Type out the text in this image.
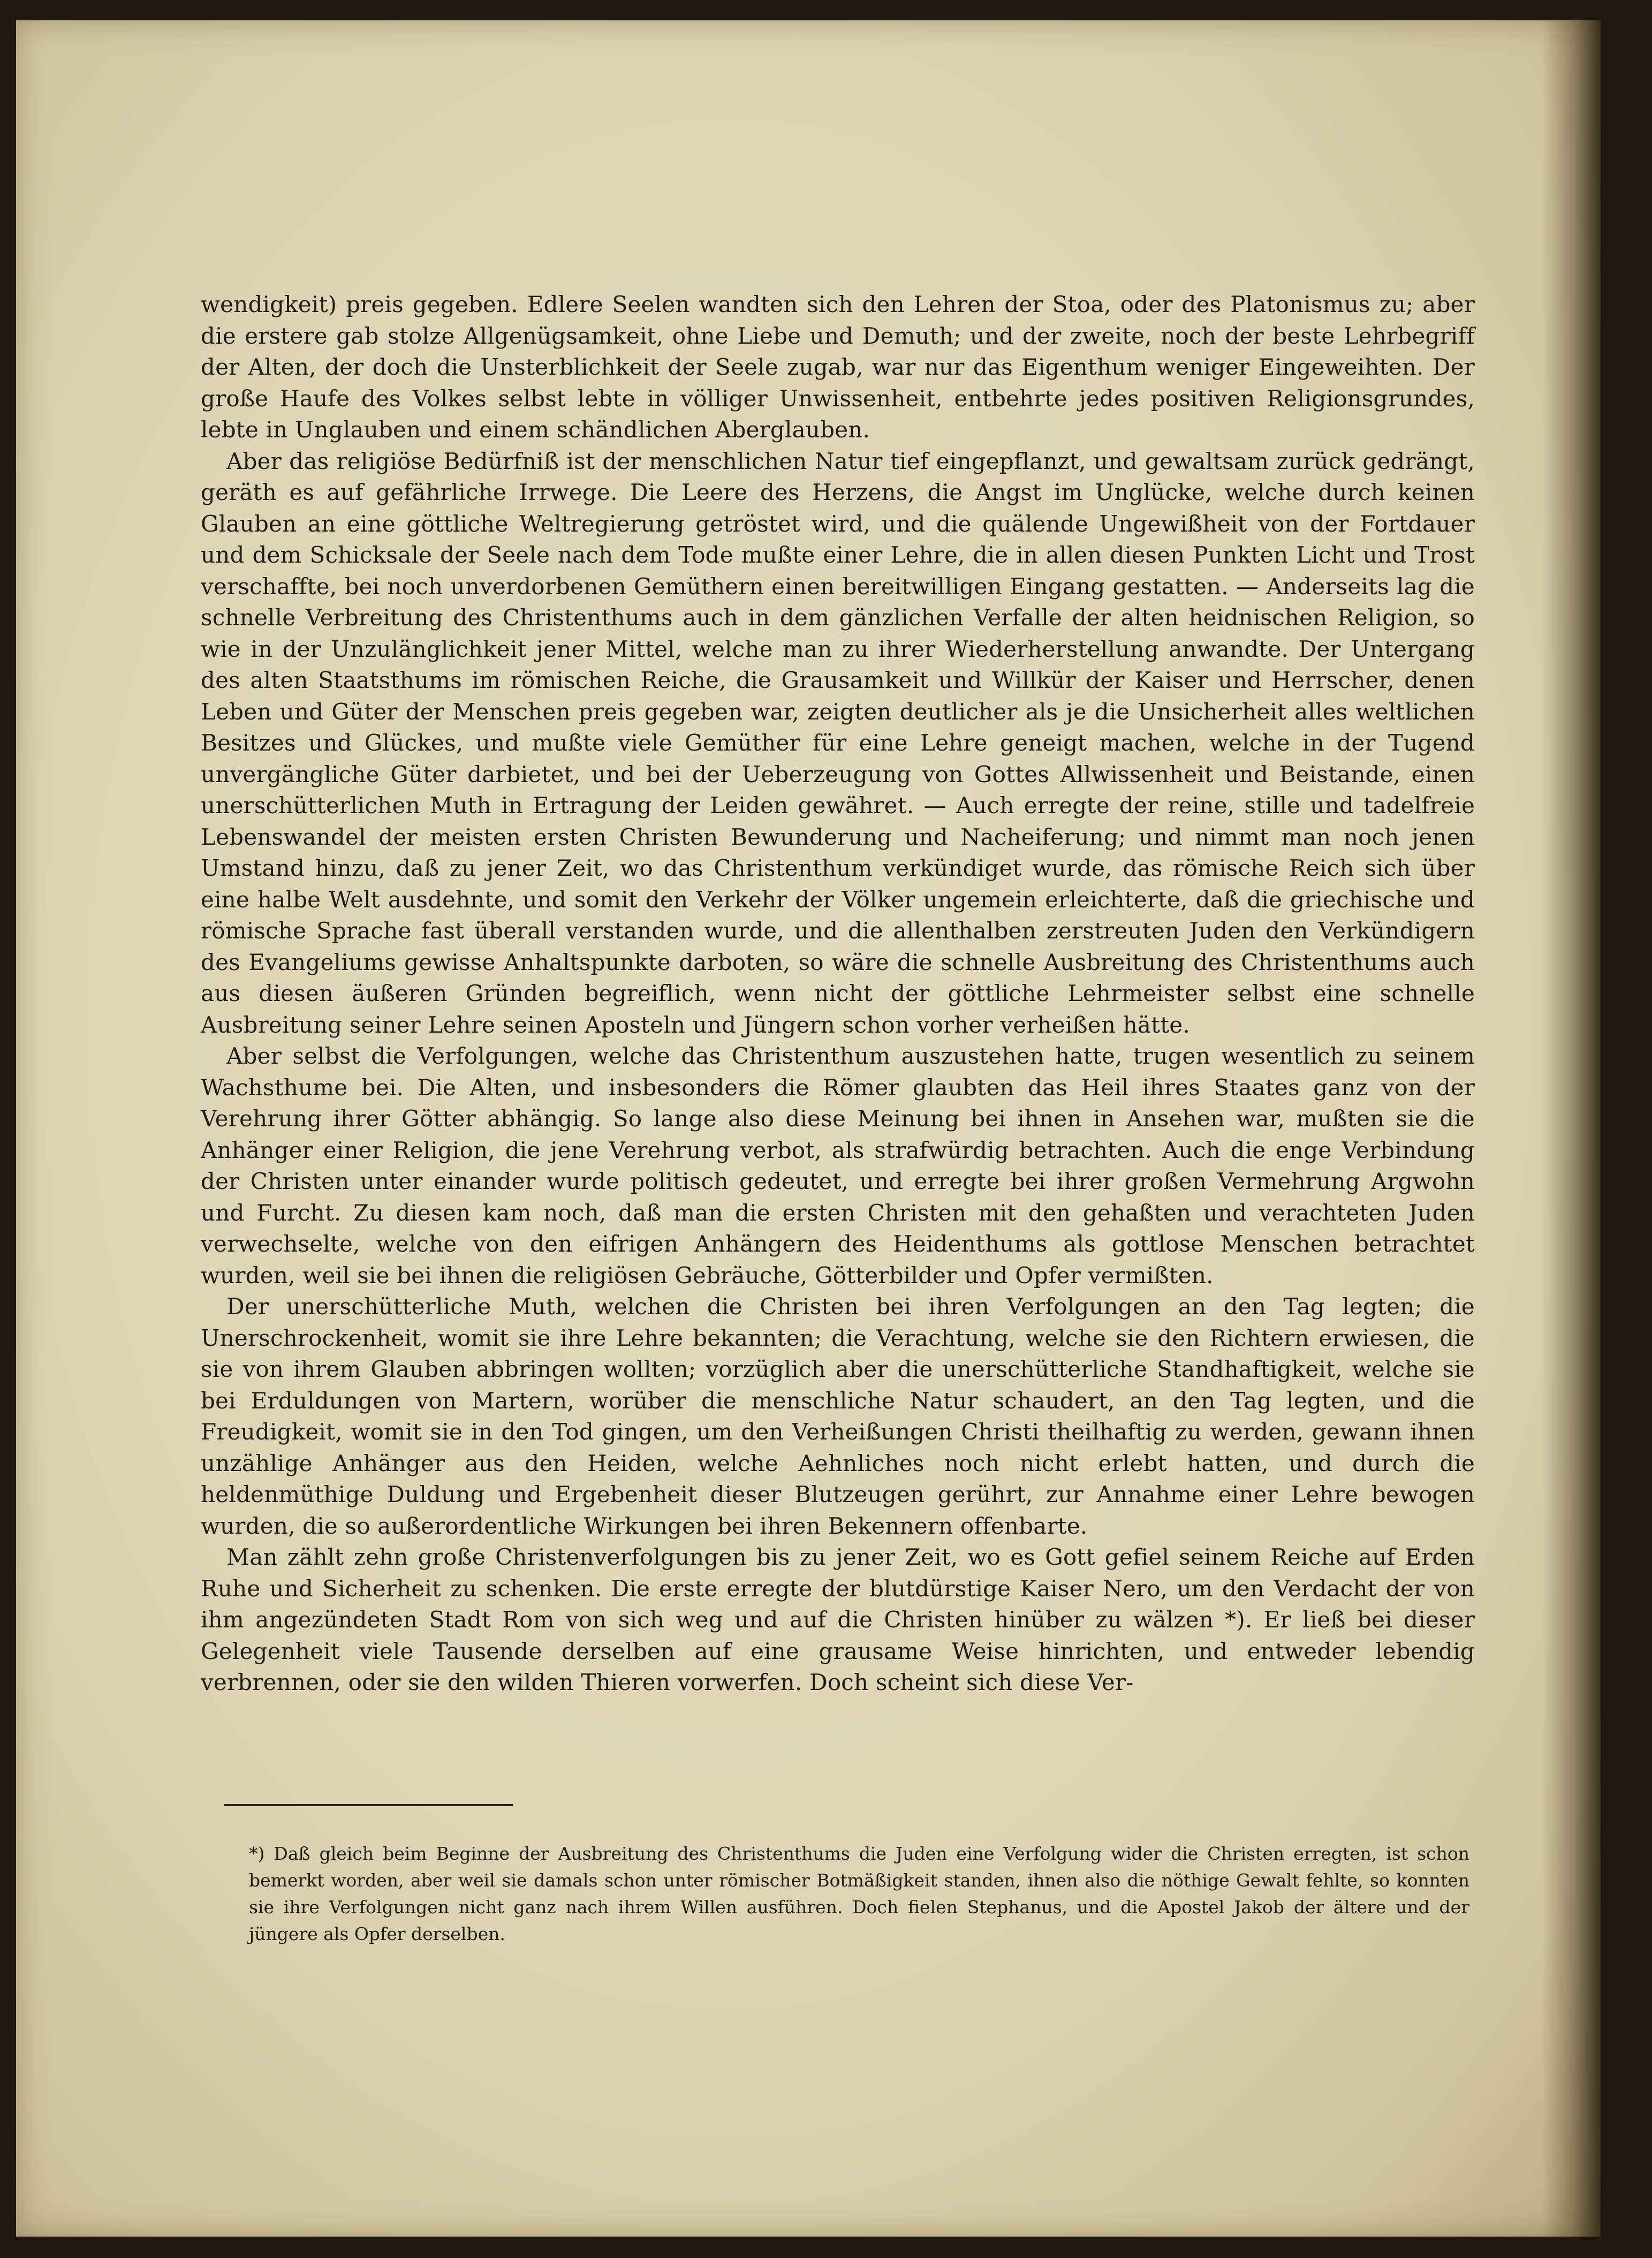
wendigkeit) preis gegeben. Edlere Seelen wandten sich den Lehren der Stoa, oder des Platonismus zu; aber die erstere gab stolze Allgenügsamkeit, ohne Liebe und Demuth; und der zweite, noch der beste Lehrbegriff der Alten, der doch die Unsterblichkeit der Seele zugab, war nur das Eigenthum weniger Eingeweihten. Der große Haufe des Volkes selbst lebte in völliger Unwissenheit, entbehrte jedes positiven Religionsgrundes, lebte in Unglauben und einem schändlichen Aberglauben.

Aber das religiöse Bedürfniß ist der menschlichen Natur tief eingepflanzt, und gewaltsam zurück gedrängt, geräth es auf gefährliche Irrwege. Die Leere des Herzens, die Angst im Unglücke, welche durch keinen Glauben an eine göttliche Weltregierung getröstet wird, und die quälende Ungewißheit von der Fortdauer und dem Schicksale der Seele nach dem Tode mußte einer Lehre, die in allen diesen Punkten Licht und Trost verschaffte, bei noch unverdorbenen Gemüthern einen bereitwilligen Eingang gestatten. — Anderseits lag die schnelle Verbreitung des Christenthums auch in dem gänzlichen Verfalle der alten heidnischen Religion, so wie in der Unzulänglichkeit jener Mittel, welche man zu ihrer Wiederherstellung anwandte. Der Untergang des alten Staatsthums im römischen Reiche, die Grausamkeit und Willkür der Kaiser und Herrscher, denen Leben und Güter der Menschen preis gegeben war, zeigten deutlicher als je die Unsicherheit alles weltlichen Besitzes und Glückes, und mußte viele Gemüther für eine Lehre geneigt machen, welche in der Tugend unvergängliche Güter darbietet, und bei der Ueberzeugung von Gottes Allwissenheit und Beistande, einen unerschütterlichen Muth in Ertragung der Leiden gewähret. — Auch erregte der reine, stille und tadelfreie Lebenswandel der meisten ersten Christen Bewunderung und Nacheiferung; und nimmt man noch jenen Umstand hinzu, daß zu jener Zeit, wo das Christenthum verkündiget wurde, das römische Reich sich über eine halbe Welt ausdehnte, und somit den Verkehr der Völker ungemein erleichterte, daß die griechische und römische Sprache fast überall verstanden wurde, und die allenthalben zerstreuten Juden den Verkündigern des Evangeliums gewisse Anhaltspunkte darboten, so wäre die schnelle Ausbreitung des Christenthums auch aus diesen äußeren Gründen begreiflich, wenn nicht der göttliche Lehrmeister selbst eine schnelle Ausbreitung seiner Lehre seinen Aposteln und Jüngern schon vorher verheißen hätte.

Aber selbst die Verfolgungen, welche das Christenthum auszustehen hatte, trugen wesentlich zu seinem Wachsthume bei. Die Alten, und insbesonders die Römer glaubten das Heil ihres Staates ganz von der Verehrung ihrer Götter abhängig. So lange also diese Meinung bei ihnen in Ansehen war, mußten sie die Anhänger einer Religion, die jene Verehrung verbot, als strafwürdig betrachten. Auch die enge Verbindung der Christen unter einander wurde politisch gedeutet, und erregte bei ihrer großen Vermehrung Argwohn und Furcht. Zu diesen kam noch, daß man die ersten Christen mit den gehaßten und verachteten Juden verwechselte, welche von den eifrigen Anhängern des Heidenthums als gottlose Menschen betrachtet wurden, weil sie bei ihnen die religiösen Gebräuche, Götterbilder und Opfer vermißten.

Der unerschütterliche Muth, welchen die Christen bei ihren Verfolgungen an den Tag legten; die Unerschrockenheit, womit sie ihre Lehre bekannten; die Verachtung, welche sie den Richtern erwiesen, die sie von ihrem Glauben abbringen wollten; vorzüglich aber die unerschütterliche Standhaftigkeit, welche sie bei Erduldungen von Martern, worüber die menschliche Natur schaudert, an den Tag legten, und die Freudigkeit, womit sie in den Tod gingen, um den Verheißungen Christi theilhaftig zu werden, gewann ihnen unzählige Anhänger aus den Heiden, welche Aehnliches noch nicht erlebt hatten, und durch die heldenmüthige Duldung und Ergebenheit dieser Blutzeugen gerührt, zur Annahme einer Lehre bewogen wurden, die so außerordentliche Wirkungen bei ihren Bekennern offenbarte.

Man zählt zehn große Christenverfolgungen bis zu jener Zeit, wo es Gott gefiel seinem Reiche auf Erden Ruhe und Sicherheit zu schenken. Die erste erregte der blutdürstige Kaiser Nero, um den Verdacht der von ihm angezündeten Stadt Rom von sich weg und auf die Christen hinüber zu wälzen *). Er ließ bei dieser Gelegenheit viele Tausende derselben auf eine grausame Weise hinrichten, und entweder lebendig verbrennen, oder sie den wilden Thieren vorwerfen. Doch scheint sich diese Ver-

*) Daß gleich beim Beginne der Ausbreitung des Christenthums die Juden eine Verfolgung wider die Christen erregten, ist schon bemerkt worden, aber weil sie damals schon unter römischer Botmäßigkeit standen, ihnen also die nöthige Gewalt fehlte, so konnten sie ihre Verfolgungen nicht ganz nach ihrem Willen ausführen. Doch fielen Stephanus, und die Apostel Jakob der ältere und der jüngere als Opfer derselben.
